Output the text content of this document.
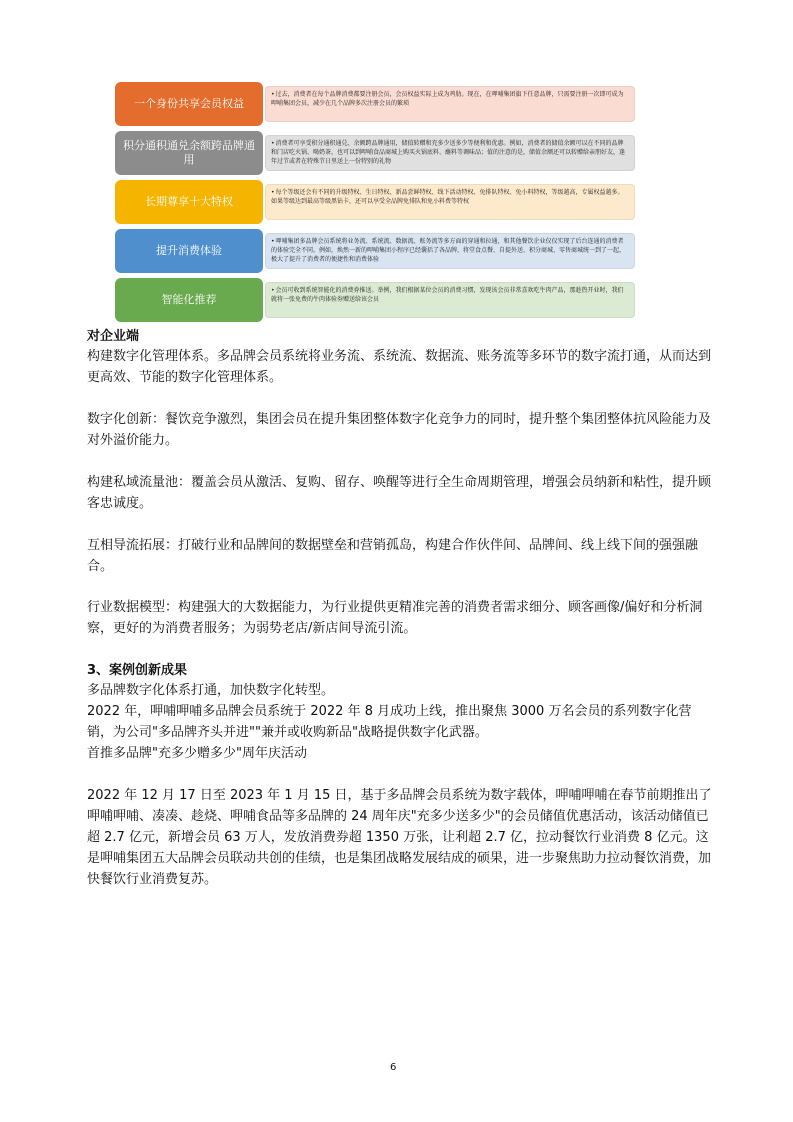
一个身份共享会员权益
•过去，消费者在每个品牌消费都要注册会员，会员权益实际上成为鸡肋。现在，在呷哺集团旗下任意品牌，只需要注册一次即可成为呷哺集团会员，减少在几个品牌多次注册会员的繁琐
积分通积通兑余额跨品牌通用
•消费者可享受积分通积通兑、余额跨品牌通用，储值转赠和充多少送多少等便利和优惠。例如，消费者的储值余额可以在不同的品牌和门店吃火锅、喝奶茶，也可以到呷哺食品商城上购买火锅底料、蘸料等调味品；值的注意的是，储值余额还可以转赠给亲朋好友，逢年过节或者在特殊节日里送上一份特别的礼物
长期尊享十大特权
•每个等级还会有不同的升级特权、生日特权、新品尝鲜特权、线下活动特权、免排队特权、免小料特权，等级越高，专属权益越多。如果等级达到最高等级黑钻卡，还可以享受全品牌免排队和免小料费等特权
提升消费体验
•呷哺集团多品牌会员系统将业务流、系统流、数据流、账务流等多方面的穿通和拉通，和其他餐饮企业仅仅实现了后台连通的消费者的体验完全不同。例如，焕然一新的呷哺集团小程序已经囊括了各品牌，将堂食点餐、自提外送、积分商城、零售商城统一到了一起，极大了提升了消费者的便捷性和消费体验
智能化推荐
•会员可收到系统智能化的消费券推送。举例，我们根据某位会员的消费习惯，发现该会员非常喜欢吃牛肉产品，那趁热开业时，我们就将一张免费的牛肉体验券赠送给该会员
对企业端
构建数字化管理体系。多品牌会员系统将业务流、系统流、数据流、账务流等多环节的数字流打通，从而达到更高效、节能的数字化管理体系。
数字化创新：餐饮竞争激烈，集团会员在提升集团整体数字化竞争力的同时，提升整个集团整体抗风险能力及对外溢价能力。
构建私域流量池：覆盖会员从激活、复购、留存、唤醒等进行全生命周期管理，增强会员纳新和粘性，提升顾客忠诚度。
互相导流拓展：打破行业和品牌间的数据壁垒和营销孤岛，构建合作伙伴间、品牌间、线上线下间的强强融合。
行业数据模型：构建强大的大数据能力，为行业提供更精准完善的消费者需求细分、顾客画像/偏好和分析洞察，更好的为消费者服务；为弱势老店/新店间导流引流。
3、案例创新成果
多品牌数字化体系打通，加快数字化转型。
2022 年，呷哺呷哺多品牌会员系统于 2022 年 8 月成功上线，推出聚焦 3000 万名会员的系列数字化营销，为公司"多品牌齐头并进""兼并或收购新品"战略提供数字化武器。
首推多品牌"充多少赠多少"周年庆活动
2022 年 12 月 17 日至 2023 年 1 月 15 日，基于多品牌会员系统为数字载体，呷哺呷哺在春节前期推出了呷哺呷哺、凑凑、趁烧、呷哺食品等多品牌的 24 周年庆"充多少送多少"的会员储值优惠活动，该活动储值已超 2.7 亿元，新增会员 63 万人，发放消费券超 1350 万张，让利超 2.7 亿，拉动餐饮行业消费 8 亿元。这是呷哺集团五大品牌会员联动共创的佳绩，也是集团战略发展结成的硕果，进一步聚焦助力拉动餐饮消费，加快餐饮行业消费复苏。
6
